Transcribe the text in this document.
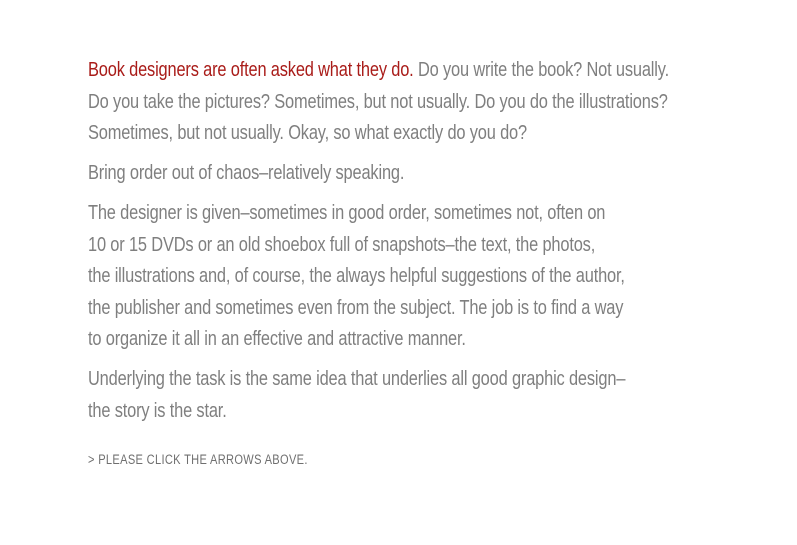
Book designers are often asked what they do. Do you write the book? Not usually.
Do you take the pictures? Sometimes, but not usually. Do you do the illustrations?
Sometimes, but not usually. Okay, so what exactly do you do?

Bring order out of chaos–relatively speaking.

The designer is given–sometimes in good order, sometimes not, often on
10 or 15 DVDs or an old shoebox full of snapshots–the text, the photos,
the illustrations and, of course, the always helpful suggestions of the author,
the publisher and sometimes even from the subject. The job is to find a way
to organize it all in an effective and attractive manner.

Underlying the task is the same idea that underlies all good graphic design–
the story is the star.

> PLEASE CLICK THE ARROWS ABOVE.
